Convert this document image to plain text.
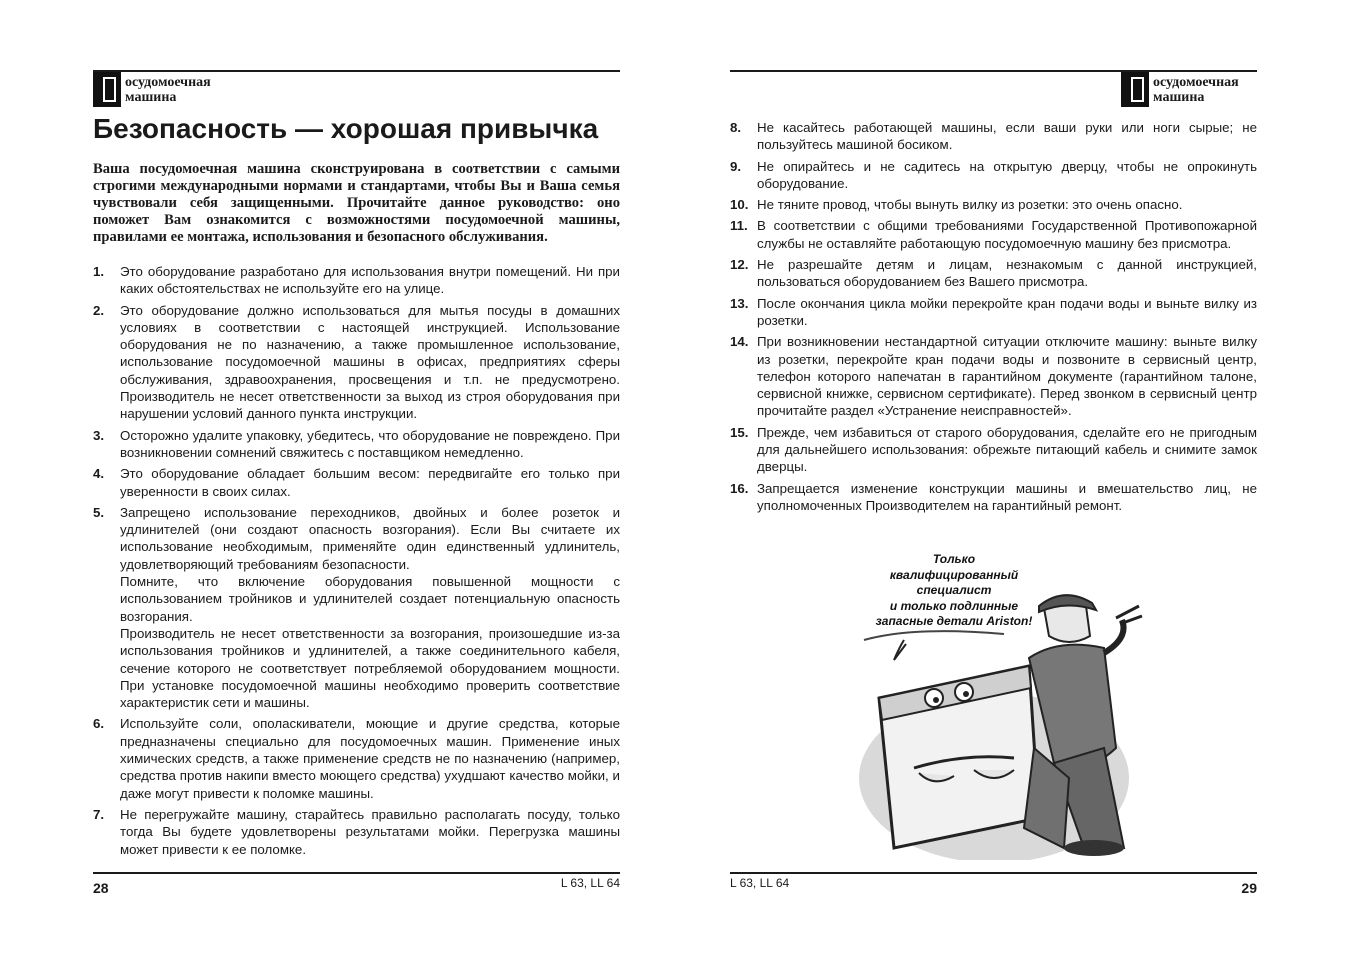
осудомоечная
машина
Безопасность — хорошая привычка
Ваша посудомоечная машина сконструирована в соответствии с самыми строгими международными нормами и стандартами, чтобы Вы и Ваша семья чувствовали себя защищенными. Прочитайте данное руководство: оно поможет Вам ознакомится с возможностями посудомоечной машины, правилами ее монтажа, использования и безопасного обслуживания.
1.	Это оборудование разработано для использования внутри помещений. Ни при каких обстоятельствах не используйте его на улице.

2.	Это оборудование должно использоваться для мытья посуды в домашних условиях в соответствии с настоящей инструкцией. Использование оборудования не по назначению, а также промышленное использование, использование посудомоечной машины в офисах, предприятиях сферы обслуживания, здравоохранения, просвещения и т.п. не предусмотрено. Производитель не несет ответственности за выход из строя оборудования при нарушении условий данного пункта инструкции.

3.	Осторожно удалите упаковку, убедитесь, что оборудование не повреждено. При возникновении сомнений свяжитесь с поставщиком немедленно.

4.	Это оборудование обладает большим весом: передвигайте его только при уверенности в своих силах.

5.	Запрещено использование переходников, двойных и более розеток и удлинителей (они создают опасность возгорания). Если Вы считаете их использование необходимым, применяйте один единственный удлинитель, удовлетворяющий требованиям безопасности.

Помните, что включение оборудования повышенной мощности с использованием тройников и удлинителей создает потенциальную опасность возгорания.

Производитель не несет ответственности за возгорания, произошедшие из-за использования тройников и удлинителей, а также соединительного кабеля, сечение которого не соответствует потребляемой оборудованием мощности. При установке посудомоечной машины необходимо проверить соответствие характеристик сети и машины.

6.	Используйте соли, ополаскиватели, моющие и другие средства, которые предназначены специально для посудомоечных машин. Применение иных химических средств, а также применение средств не по назначению (например, средства против накипи вместо моющего средства) ухудшают качество мойки, и даже могут привести к поломке машины.

7.	Не перегружайте машину, старайтесь правильно располагать посуду, только тогда Вы будете удовлетворены результатами мойки. Перегрузка машины может привести к ее поломке.

28	L 63, LL 64
осудомоечная
машина
8.	Не касайтесь работающей машины, если ваши руки или ноги сырые; не пользуйтесь машиной босиком.

9.	Не опирайтесь и не садитесь на открытую дверцу, чтобы не опрокинуть оборудование.

10. Не тяните провод, чтобы вынуть вилку из розетки: это очень опасно.

11. В соответствии с общими требованиями Государственной Противопожарной службы не оставляйте работающую посудомоечную машину без присмотра.

12. Не разрешайте детям и лицам, незнакомым с данной инструкцией, пользоваться оборудованием без Вашего присмотра.

13. После окончания цикла мойки перекройте кран подачи воды и выньте вилку из розетки.

14. При возникновении нестандартной ситуации отключите машину: выньте вилку из розетки, перекройте кран подачи воды и позвоните в сервисный центр, телефон которого напечатан в гарантийном документе (гарантийном талоне, сервисной книжке, сервисном сертификате). Перед звонком в сервисный центр прочитайте раздел «Устранение неисправностей».

15. Прежде, чем избавиться от старого оборудования, сделайте его не пригодным для дальнейшего использования: обрежьте питающий кабель и снимите замок дверцы.

16. Запрещается изменение конструкции машины и вмешательство лиц, не уполномоченных Производителем на гарантийный ремонт.

Только
квалифицированный
специалист
и только подлинные
запасные детали Ariston!
L 63, LL 64	29
